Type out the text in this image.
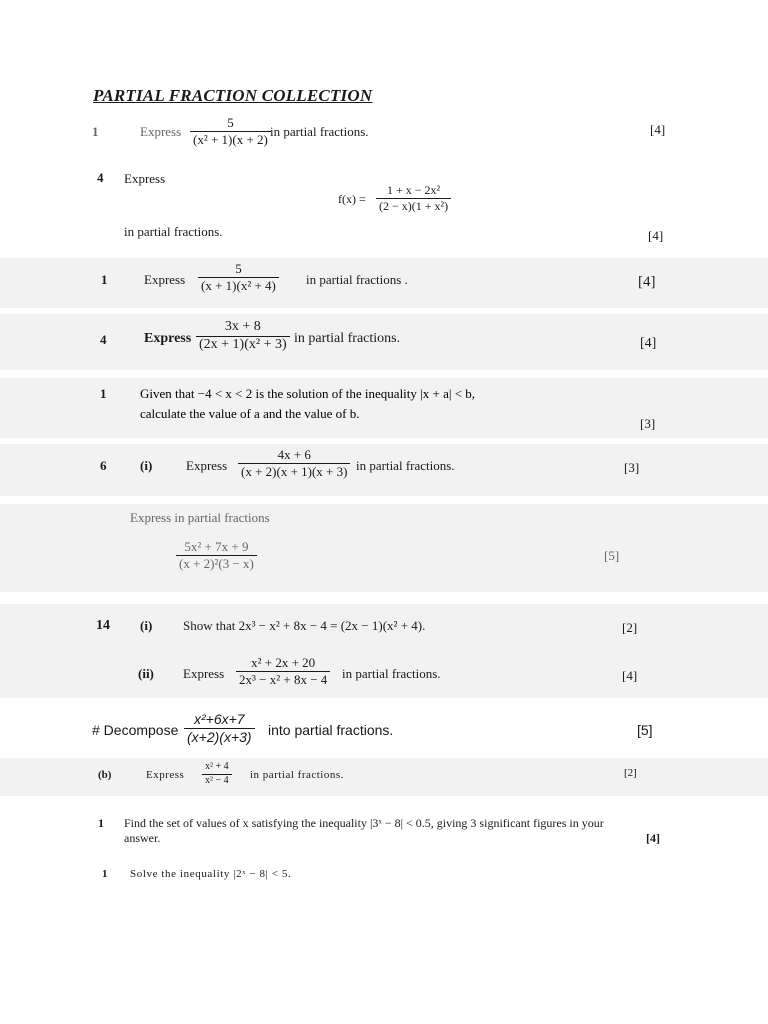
PARTIAL FRACTION COLLECTION
1	Express $\frac{5}{\text{(x² + 1)(x + 2)}}$ in partial fractions.	[4]
4 Express
$f(x) = \frac{\text{1 + x − 2x²}}{\text{(2 − x)(1 + x²)}}$
in partial fractions.	[4]
1	Express $\frac{5}{\text{(x + 1)(x² + 4)}}$ in partial fractions .	[4]
4	Express $\frac{3x + 8}{\text{(2x + 1)(x² + 3)}}$ in partial fractions.	[4]
1	Given that −4 < x < 2 is the solution of the inequality |x + a| < b,
calculate the value of a and the value of b.
[3]
6	(i)	Express $\frac{4x + 6}{(x + 2)(x + 1)(x + 3)}$ in partial fractions.	[3]
Express in partial fractions
$\frac{\text{5x² + 7x + 9}}{\text{(x + 2)²(3 − x)}}$	[5]
14 (i) Show that 2x³ − x² + 8x − 4 = (2x − 1)(x² + 4).	[2]
(ii) Express $\frac{\text{x² + 2x + 20}}{\text{2x³ − x² + 8x − 4}}$ in partial fractions.	[4]
# Decompose $\frac{\text{x²+6x+7}}{(x+2)(x+3)}$ into partial fractions.	[5]
(b)	Express $\frac{\text{x² + 4}}{\text{x² − 4}}$ in partial fractions.	[2]
1 Find the set of values of x satisfying the inequality |3ˣ − 8| < 0.5, giving 3 significant figures in your
answer.	[4]
1 Solve the inequality |2ˣ − 8| < 5.
